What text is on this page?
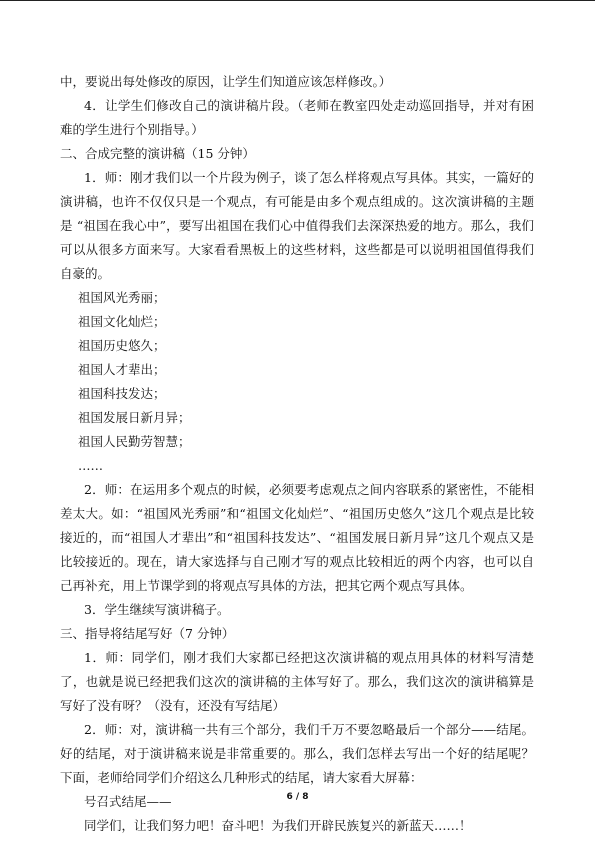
中，要说出每处修改的原因，让学生们知道应该怎样修改。）

4．让学生们修改自己的演讲稿片段。（老师在教室四处走动巡回指导，并对有困难的学生进行个别指导。）

二、合成完整的演讲稿（15 分钟）

1．师：刚才我们以一个片段为例子，谈了怎么样将观点写具体。其实，一篇好的演讲稿，也许不仅仅只是一个观点，有可能是由多个观点组成的。这次演讲稿的主题是 “祖国在我心中”，要写出祖国在我们心中值得我们去深深热爱的地方。那么，我们可以从很多方面来写。大家看看黑板上的这些材料，这些都是可以说明祖国值得我们自豪的。

祖国风光秀丽；

祖国文化灿烂；

祖国历史悠久；

祖国人才辈出；

祖国科技发达；

祖国发展日新月异；

祖国人民勤劳智慧；

……

2．师：在运用多个观点的时候，必须要考虑观点之间内容联系的紧密性，不能相差太大。如：“祖国风光秀丽”和“祖国文化灿烂”、“祖国历史悠久”这几个观点是比较接近的，而“祖国人才辈出”和“祖国科技发达”、“祖国发展日新月异”这几个观点又是比较接近的。现在，请大家选择与自己刚才写的观点比较相近的两个内容，也可以自己再补充，用上节课学到的将观点写具体的方法，把其它两个观点写具体。

3．学生继续写演讲稿子。

三、指导将结尾写好（7 分钟）

1．师：同学们，刚才我们大家都已经把这次演讲稿的观点用具体的材料写清楚了，也就是说已经把我们这次的演讲稿的主体写好了。那么，我们这次的演讲稿算是写好了没有呀？（没有，还没有写结尾）

2．师：对，演讲稿一共有三个部分，我们千万不要忽略最后一个部分——结尾。好的结尾，对于演讲稿来说是非常重要的。那么，我们怎样去写出一个好的结尾呢？下面，老师给同学们介绍这么几种形式的结尾，请大家看大屏幕：

号召式结尾——

同学们，让我们努力吧！奋斗吧！为我们开辟民族复兴的新蓝天……！

6 / 8
